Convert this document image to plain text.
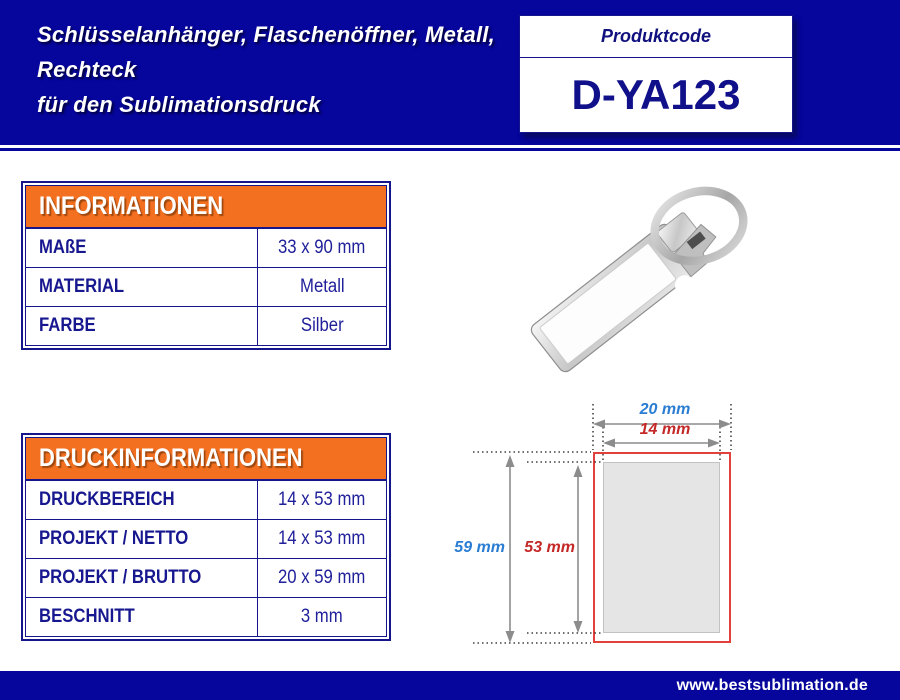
Schlüsselanhänger, Flaschenöffner, Metall,
Rechteck
für den Sublimationsdruck
Produktcode
D-YA123
INFORMATIONEN
MAßE	33 x 90 mm
MATERIAL	Metall
FARBE	Silber
DRUCKINFORMATIONEN
DRUCKBEREICH	14 x 53 mm
PROJEKT / NETTO	14 x 53 mm
PROJEKT / BRUTTO	20 x 59 mm
BESCHNITT	3 mm
20 mm
14 mm
59 mm	53 mm
www.bestsublimation.de
